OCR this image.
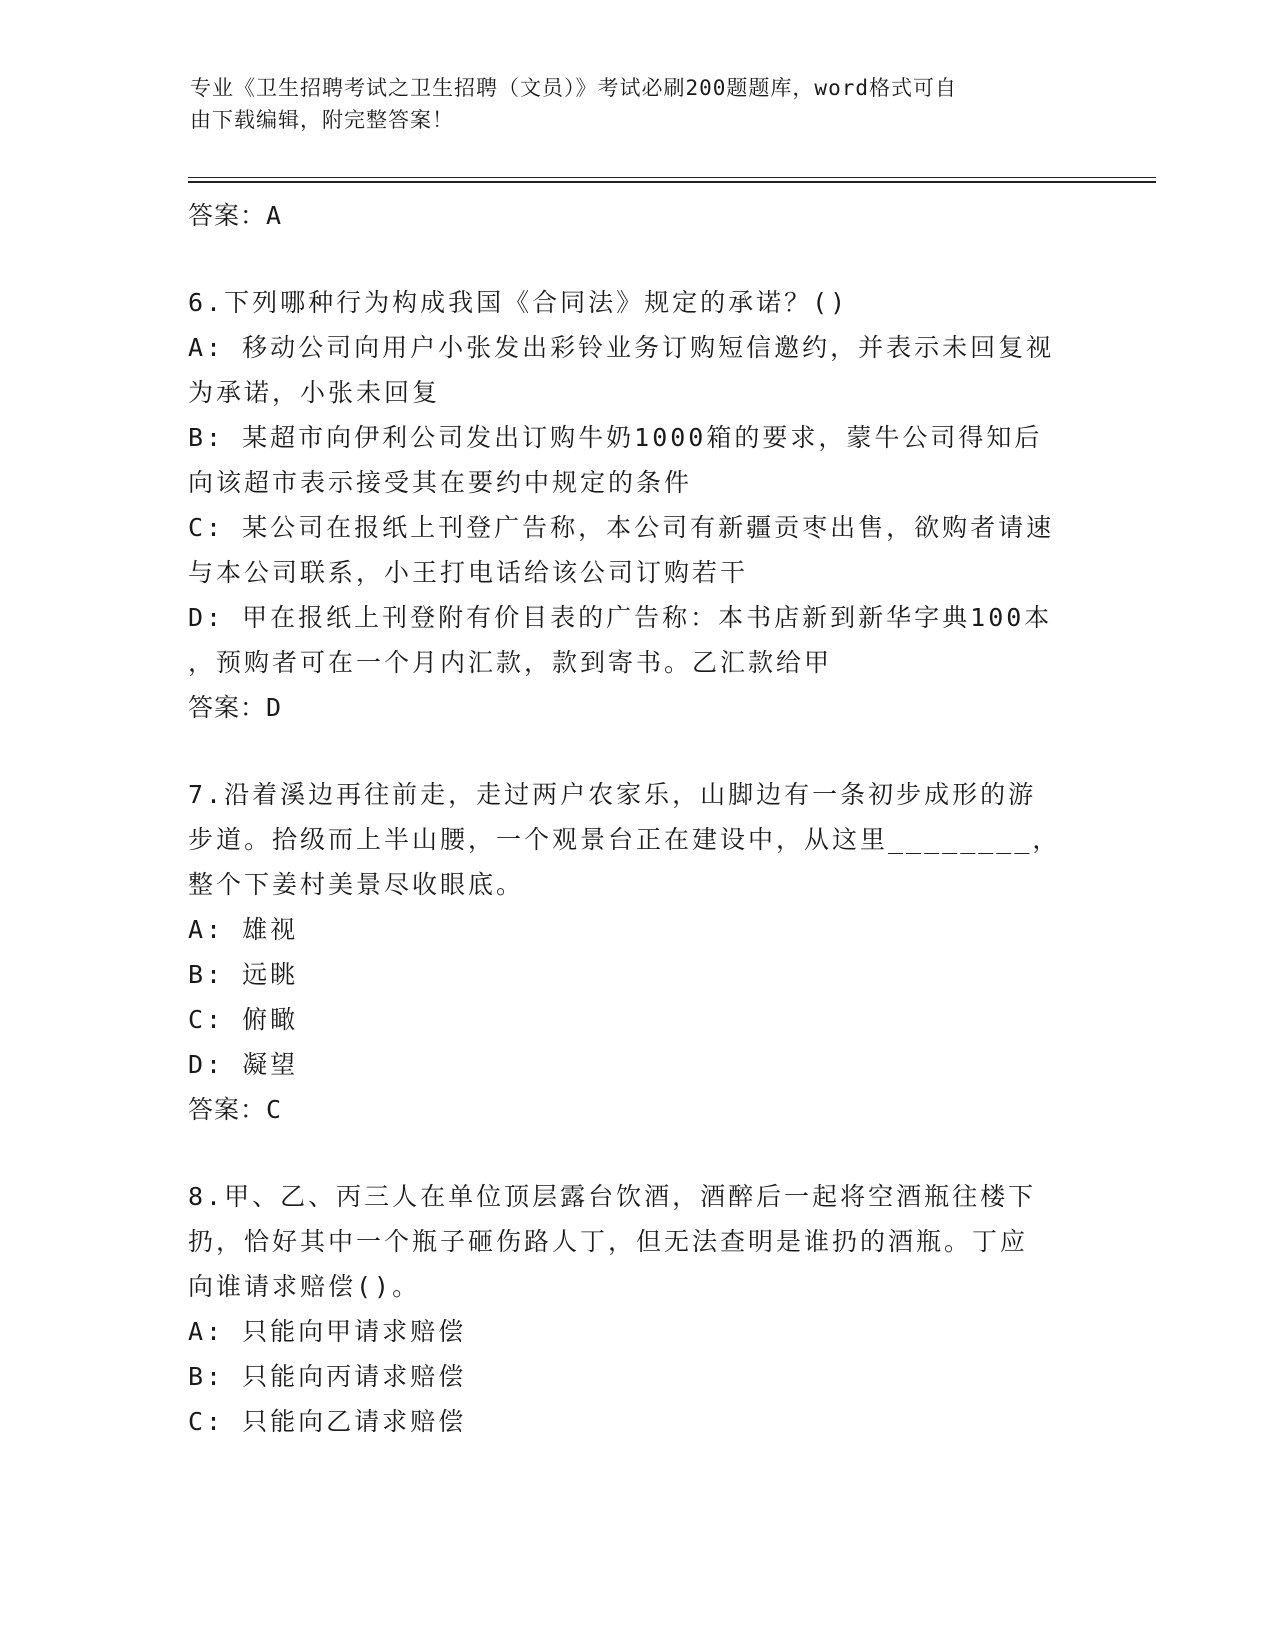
专业《卫生招聘考试之卫生招聘（文员）》考试必刷200题题库，word格式可自
由下载编辑，附完整答案！
答案：A
6.下列哪种行为构成我国《合同法》规定的承诺？()
A: 移动公司向用户小张发出彩铃业务订购短信邀约，并表示未回复视
为承诺，小张未回复
B: 某超市向伊利公司发出订购牛奶1000箱的要求，蒙牛公司得知后
向该超市表示接受其在要约中规定的条件
C: 某公司在报纸上刊登广告称，本公司有新疆贡枣出售，欲购者请速
与本公司联系，小王打电话给该公司订购若干
D: 甲在报纸上刊登附有价目表的广告称：本书店新到新华字典100本
，预购者可在一个月内汇款，款到寄书。乙汇款给甲
答案：D
7.沿着溪边再往前走，走过两户农家乐，山脚边有一条初步成形的游
步道。拾级而上半山腰，一个观景台正在建设中，从这里________，
整个下姜村美景尽收眼底。
A: 雄视
B: 远眺
C: 俯瞰
D: 凝望
答案：C
8.甲、乙、丙三人在单位顶层露台饮酒，酒醉后一起将空酒瓶往楼下
扔，恰好其中一个瓶子砸伤路人丁，但无法查明是谁扔的酒瓶。丁应
向谁请求赔偿()。
A: 只能向甲请求赔偿
B: 只能向丙请求赔偿
C: 只能向乙请求赔偿
